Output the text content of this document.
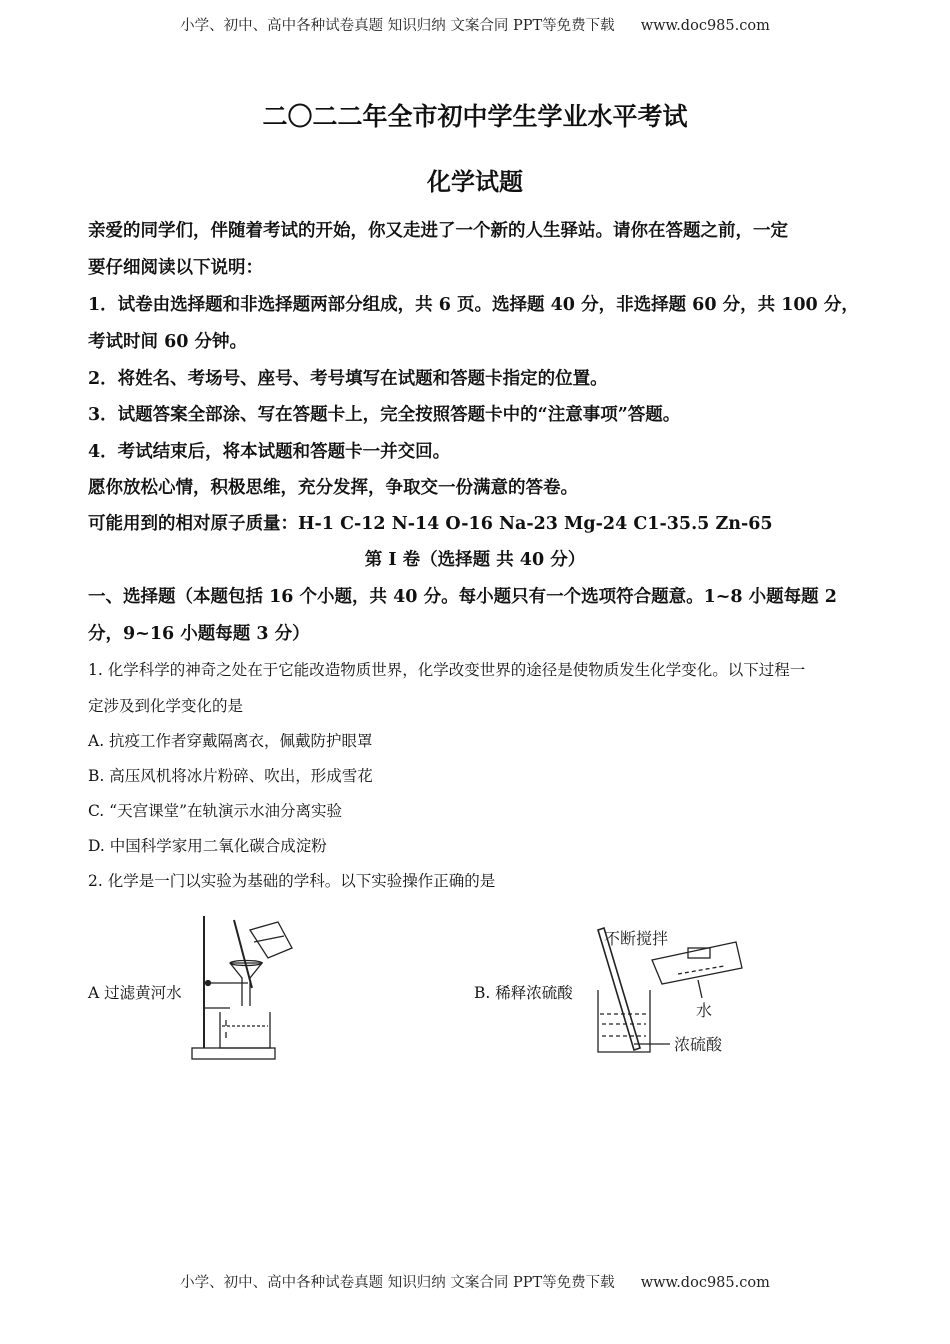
小学、初中、高中各种试卷真题 知识归纳 文案合同 PPT等免费下载 www.doc985.com
二〇二二年全市初中学生学业水平考试
化学试题
亲爱的同学们，伴随着考试的开始，你又走进了一个新的人生驿站。请你在答题之前，一定
要仔细阅读以下说明：
1．试卷由选择题和非选择题两部分组成，共 6 页。选择题 40 分，非选择题 60 分，共 100 分，
考试时间 60 分钟。
2．将姓名、考场号、座号、考号填写在试题和答题卡指定的位置。
3．试题答案全部涂、写在答题卡上，完全按照答题卡中的“注意事项”答题。
4．考试结束后，将本试题和答题卡一并交回。
愿你放松心情，积极思维，充分发挥，争取交一份满意的答卷。
可能用到的相对原子质量：H-1 C-12 N-14 O-16 Na-23 Mg-24 C1-35.5 Zn-65
第 I 卷（选择题 共 40 分）
一、选择题（本题包括 16 个小题，共 40 分。每小题只有一个选项符合题意。1~8 小题每题 2
分，9~16 小题每题 3 分）
1. 化学科学的神奇之处在于它能改造物质世界，化学改变世界的途径是使物质发生化学变化。以下过程一
定涉及到化学变化的是
A. 抗疫工作者穿戴隔离衣，佩戴防护眼罩
B. 高压风机将冰片粉碎、吹出，形成雪花
C. “天宫课堂”在轨演示水油分离实验
D. 中国科学家用二氧化碳合成淀粉
2. 化学是一门以实验为基础的学科。以下实验操作正确的是
A 过滤黄河水	B. 稀释浓硫酸
不断搅拌
水
浓硫酸
小学、初中、高中各种试卷真题 知识归纳 文案合同 PPT等免费下载 www.doc985.com
